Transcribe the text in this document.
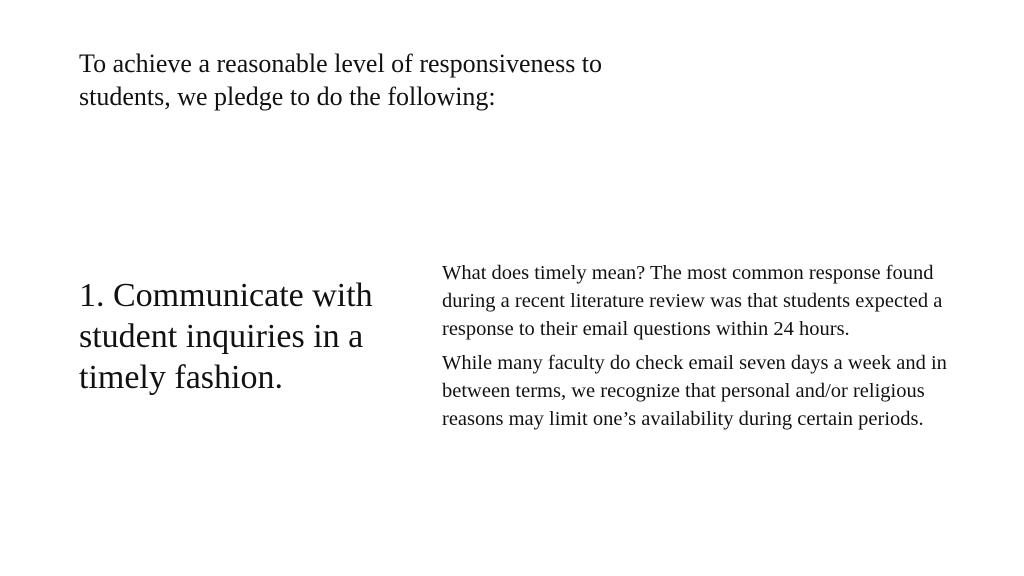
To achieve a reasonable level of responsiveness to students, we pledge to do the following:
1. Communicate with student inquiries in a timely fashion.

What does timely mean? The most common response found during a recent literature review was that students expected a response to their email questions within 24 hours.

While many faculty do check email seven days a week and in between terms, we recognize that personal and/or religious reasons may limit one’s availability during certain periods.
